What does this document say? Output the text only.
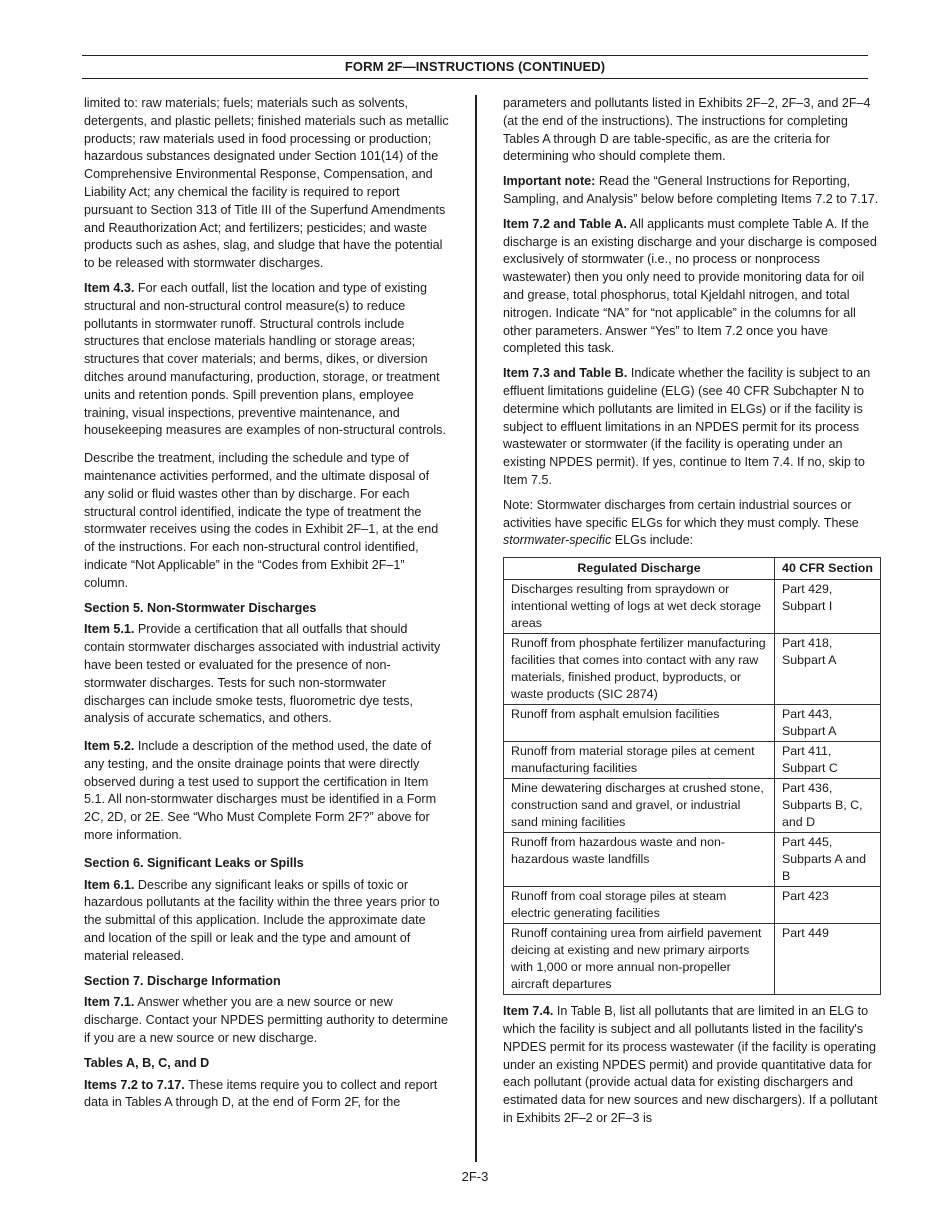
FORM 2F—INSTRUCTIONS (CONTINUED)

limited to: raw materials; fuels; materials such as solvents, detergents, and plastic pellets; finished materials such as metallic products; raw materials used in food processing or production; hazardous substances designated under Section 101(14) of the Comprehensive Environmental Response, Compensation, and Liability Act; any chemical the facility is required to report pursuant to Section 313 of Title III of the Superfund Amendments and Reauthorization Act; and fertilizers; pesticides; and waste products such as ashes, slag, and sludge that have the potential to be released with stormwater discharges.

Item 4.3. For each outfall, list the location and type of existing structural and non-structural control measure(s) to reduce pollutants in stormwater runoff. Structural controls include structures that enclose materials handling or storage areas; structures that cover materials; and berms, dikes, or diversion ditches around manufacturing, production, storage, or treatment units and retention ponds. Spill prevention plans, employee training, visual inspections, preventive maintenance, and housekeeping measures are examples of non-structural controls.

Describe the treatment, including the schedule and type of maintenance activities performed, and the ultimate disposal of any solid or fluid wastes other than by discharge. For each structural control identified, indicate the type of treatment the stormwater receives using the codes in Exhibit 2F–1, at the end of the instructions. For each non-structural control identified, indicate “Not Applicable” in the “Codes from Exhibit 2F–1” column.

Section 5. Non-Stormwater Discharges

Item 5.1. Provide a certification that all outfalls that should contain stormwater discharges associated with industrial activity have been tested or evaluated for the presence of non-stormwater discharges. Tests for such non-stormwater discharges can include smoke tests, fluorometric dye tests, analysis of accurate schematics, and others.

Item 5.2. Include a description of the method used, the date of any testing, and the onsite drainage points that were directly observed during a test used to support the certification in Item 5.1. All non-stormwater discharges must be identified in a Form 2C, 2D, or 2E. See “Who Must Complete Form 2F?” above for more information.

Section 6. Significant Leaks or Spills

Item 6.1. Describe any significant leaks or spills of toxic or hazardous pollutants at the facility within the three years prior to the submittal of this application. Include the approximate date and location of the spill or leak and the type and amount of material released.

Section 7. Discharge Information

Item 7.1. Answer whether you are a new source or new discharge. Contact your NPDES permitting authority to determine if you are a new source or new discharge.

Tables A, B, C, and D

Items 7.2 to 7.17. These items require you to collect and report data in Tables A through D, at the end of Form 2F, for the

parameters and pollutants listed in Exhibits 2F–2, 2F–3, and 2F–4 (at the end of the instructions). The instructions for completing Tables A through D are table-specific, as are the criteria for determining who should complete them.

Important note: Read the “General Instructions for Reporting, Sampling, and Analysis” below before completing Items 7.2 to 7.17.

Item 7.2 and Table A. All applicants must complete Table A. If the discharge is an existing discharge and your discharge is composed exclusively of stormwater (i.e., no process or nonprocess wastewater) then you only need to provide monitoring data for oil and grease, total phosphorus, total Kjeldahl nitrogen, and total nitrogen. Indicate “NA” for “not applicable” in the columns for all other parameters. Answer “Yes” to Item 7.2 once you have completed this task.

Item 7.3 and Table B. Indicate whether the facility is subject to an effluent limitations guideline (ELG) (see 40 CFR Subchapter N to determine which pollutants are limited in ELGs) or if the facility is subject to effluent limitations in an NPDES permit for its process wastewater or stormwater (if the facility is operating under an existing NPDES permit). If yes, continue to Item 7.4. If no, skip to Item 7.5.

Note: Stormwater discharges from certain industrial sources or activities have specific ELGs for which they must comply. These stormwater-specific ELGs include:

Regulated Discharge	40 CFR Section
Discharges resulting from spraydown or intentional wetting of logs at wet deck storage areas	Part 429, Subpart I
Runoff from phosphate fertilizer manufacturing facilities that comes into contact with any raw materials, finished product, byproducts, or waste products (SIC 2874)	Part 418, Subpart A
Runoff from asphalt emulsion facilities	Part 443, Subpart A
Runoff from material storage piles at cement manufacturing facilities	Part 411, Subpart C
Mine dewatering discharges at crushed stone, construction sand and gravel, or industrial sand mining facilities	Part 436, Subparts B, C, and D
Runoff from hazardous waste and non-hazardous waste landfills	Part 445, Subparts A and B
Runoff from coal storage piles at steam electric generating facilities	Part 423
Runoff containing urea from airfield pavement deicing at existing and new primary airports with 1,000 or more annual non-propeller aircraft departures	Part 449

Item 7.4. In Table B, list all pollutants that are limited in an ELG to which the facility is subject and all pollutants listed in the facility's NPDES permit for its process wastewater (if the facility is operating under an existing NPDES permit) and provide quantitative data for each pollutant (provide actual data for existing dischargers and estimated data for new sources and new dischargers). If a pollutant in Exhibits 2F–2 or 2F–3 is

2F-3
